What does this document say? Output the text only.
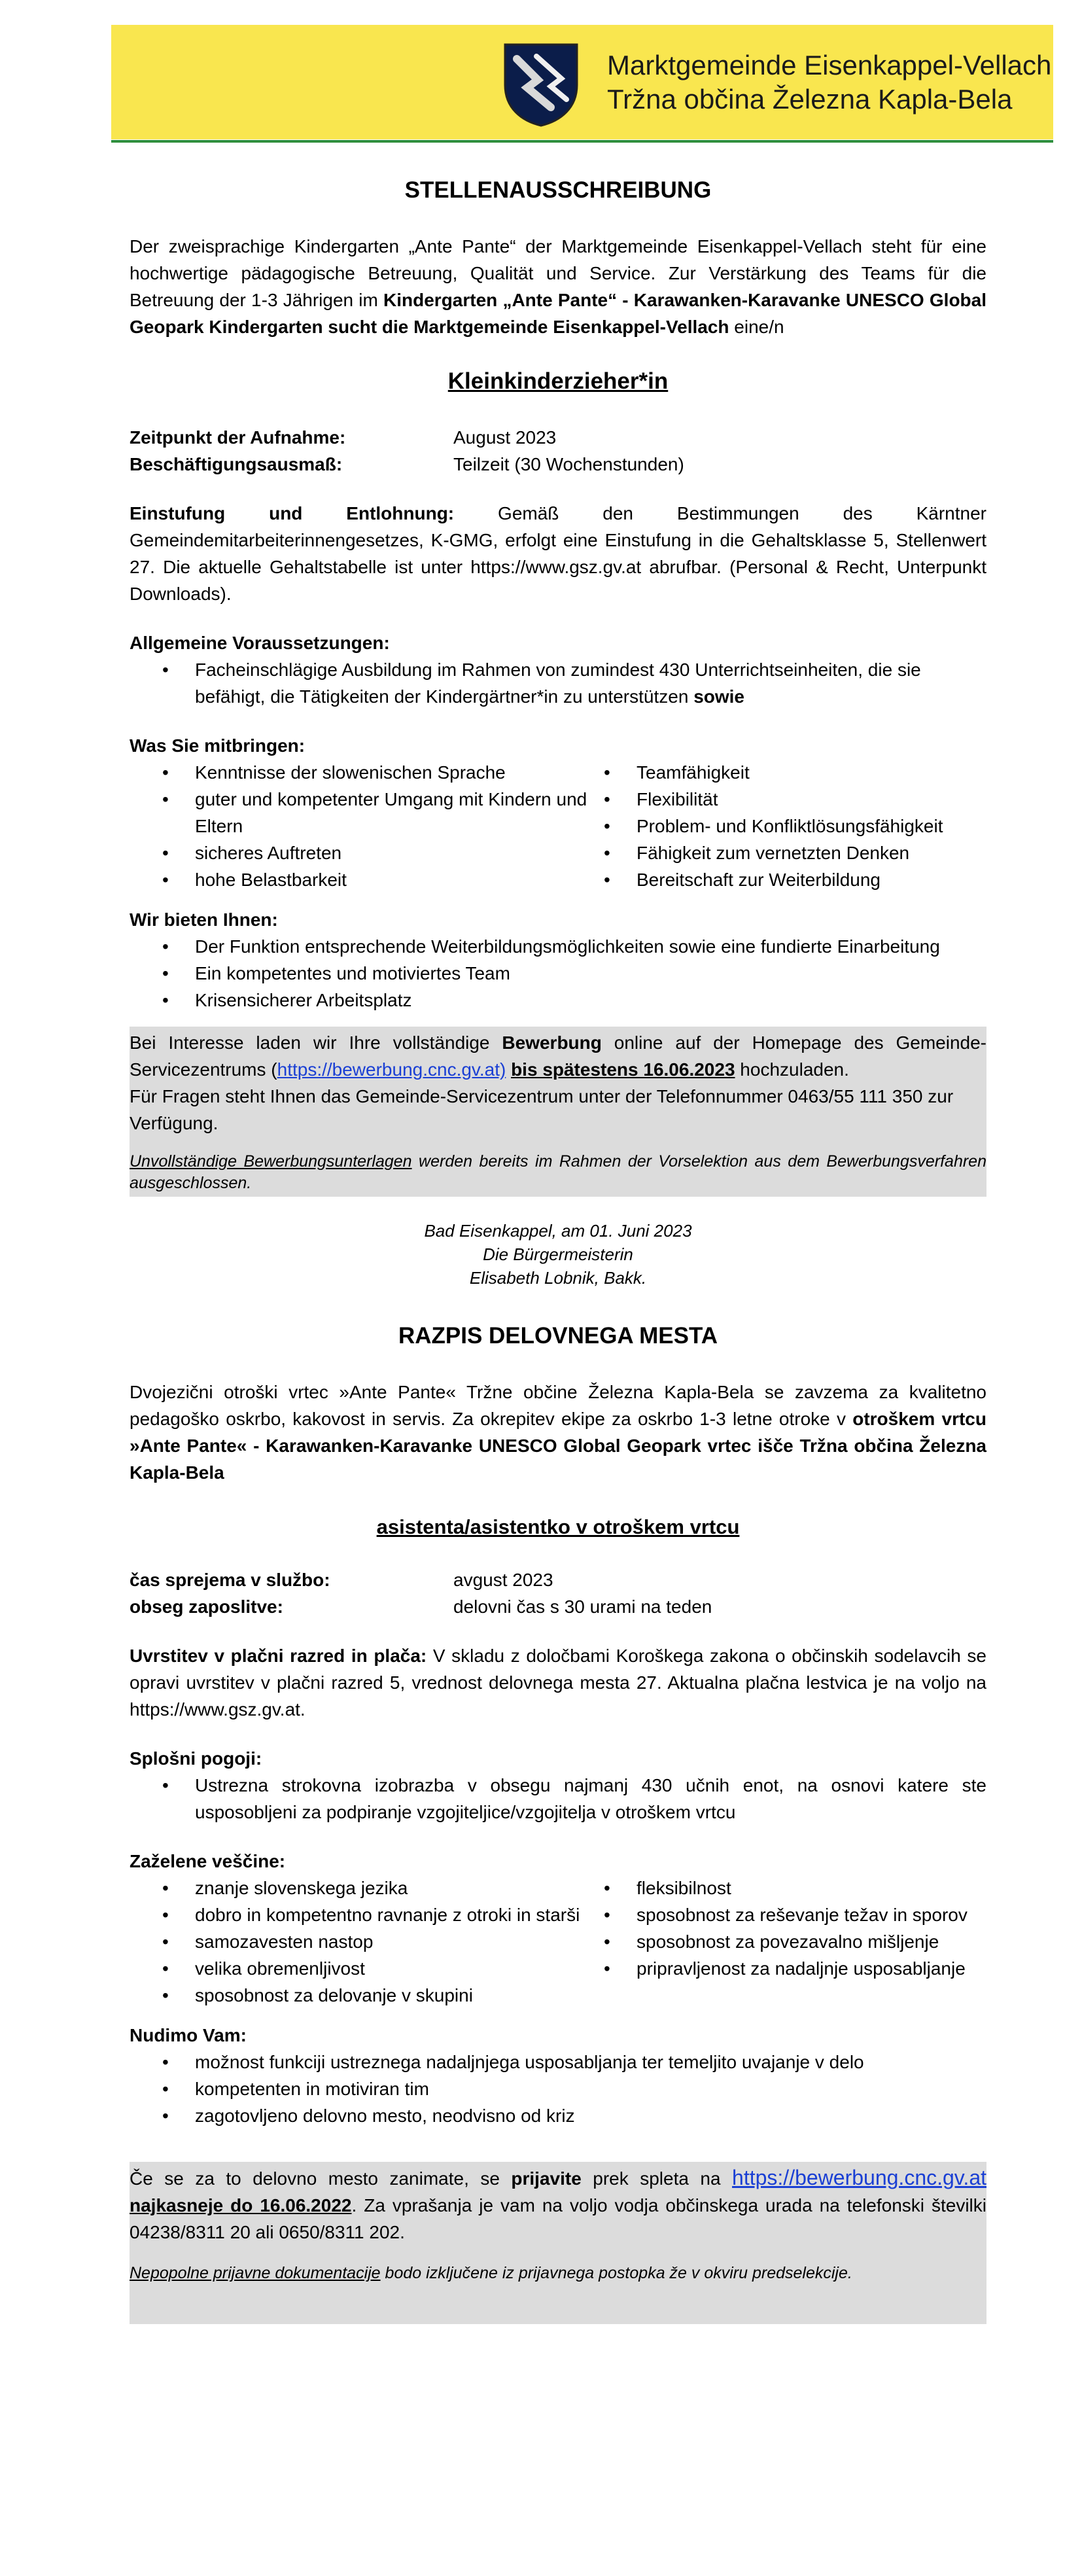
Marktgemeinde Eisenkappel-Vellach
Tržna občina Železna Kapla-Bela
STELLENAUSSCHREIBUNG

Der zweisprachige Kindergarten „Ante Pante“ der Marktgemeinde Eisenkappel-Vellach steht für eine hochwertige pädagogische Betreuung, Qualität und Service. Zur Verstärkung des Teams für die Betreuung der 1-3 Jährigen im Kindergarten „Ante Pante“ - Karawanken-Karavanke UNESCO Global Geopark Kindergarten sucht die Marktgemeinde Eisenkappel-Vellach eine/n

Kleinkinderzieher*in
Zeitpunkt der Aufnahme:	August 2023
Beschäftigungsausmaß:	Teilzeit (30 Wochenstunden)

Einstufung und Entlohnung: Gemäß den Bestimmungen des Kärntner Gemeindemitarbeiterinnengesetzes, K-GMG, erfolgt eine Einstufung in die Gehaltsklasse 5, Stellenwert 27. Die aktuelle Gehaltstabelle ist unter https://www.gsz.gv.at abrufbar. (Personal & Recht, Unterpunkt Downloads).

Allgemeine Voraussetzungen:

• Facheinschlägige Ausbildung im Rahmen von zumindest 430 Unterrichtseinheiten, die sie befähigt, die Tätigkeiten der Kindergärtner*in zu unterstützen sowie

Was Sie mitbringen:

• Kenntnisse der slowenischen Sprache
• guter und kompetenter Umgang mit Kindern und Eltern
• sicheres Auftreten
• hohe Belastbarkeit
• Teamfähigkeit
• Flexibilität
• Problem- und Konfliktlösungsfähigkeit
• Fähigkeit zum vernetzten Denken
• Bereitschaft zur Weiterbildung

Wir bieten Ihnen:

• Der Funktion entsprechende Weiterbildungsmöglichkeiten sowie eine fundierte Einarbeitung
• Ein kompetentes und motiviertes Team
• Krisensicherer Arbeitsplatz

Bei Interesse laden wir Ihre vollständige Bewerbung online auf der Homepage des Gemeinde-Servicezentrums (https://bewerbung.cnc.gv.at) bis spätestens 16.06.2023 hochzuladen.

Für Fragen steht Ihnen das Gemeinde-Servicezentrum unter der Telefonnummer 0463/55 111 350 zur Verfügung.

Unvollständige Bewerbungsunterlagen werden bereits im Rahmen der Vorselektion aus dem Bewerbungsverfahren ausgeschlossen.

Bad Eisenkappel, am 01. Juni 2023
Die Bürgermeisterin
Elisabeth Lobnik, Bakk.
RAZPIS DELOVNEGA MESTA

Dvojezični otroški vrtec »Ante Pante« Tržne občine Železna Kapla-Bela se zavzema za kvalitetno pedagoško oskrbo, kakovost in servis. Za okrepitev ekipe za oskrbo 1-3 letne otroke v otroškem vrtcu »Ante Pante« - Karawanken-Karavanke UNESCO Global Geopark vrtec išče Tržna občina Železna Kapla-Bela

asistenta/asistentko v otroškem vrtcu
čas sprejema v službo:	avgust 2023
obseg zaposlitve:	delovni čas s 30 urami na teden

Uvrstitev v plačni razred in plača: V skladu z določbami Koroškega zakona o občinskih sodelavcih se opravi uvrstitev v plačni razred 5, vrednost delovnega mesta 27. Aktualna plačna lestvica je na voljo na https://www.gsz.gv.at.

Splošni pogoji:

• Ustrezna strokovna izobrazba v obsegu najmanj 430 učnih enot, na osnovi katere ste usposobljeni za podpiranje vzgojiteljice/vzgojitelja v otroškem vrtcu

Zaželene veščine:

• znanje slovenskega jezika
• dobro in kompetentno ravnanje z otroki in starši
• samozavesten nastop
• velika obremenljivost
• sposobnost za delovanje v skupini
• fleksibilnost
• sposobnost za reševanje težav in sporov
• sposobnost za povezavalno mišljenje
• pripravljenost za nadaljnje usposabljanje

Nudimo Vam:

• možnost funkciji ustreznega nadaljnjega usposabljanja ter temeljito uvajanje v delo
• kompetenten in motiviran tim
• zagotovljeno delovno mesto, neodvisno od kriz

Če se za to delovno mesto zanimate, se prijavite prek spleta na https://bewerbung.cnc.gv.at najkasneje do 16.06.2022. Za vprašanja je vam na voljo vodja občinskega urada na telefonski številki 04238/8311 20 ali 0650/8311 202.

Nepopolne prijavne dokumentacije bodo izključene iz prijavnega postopka že v okviru predselekcije.
